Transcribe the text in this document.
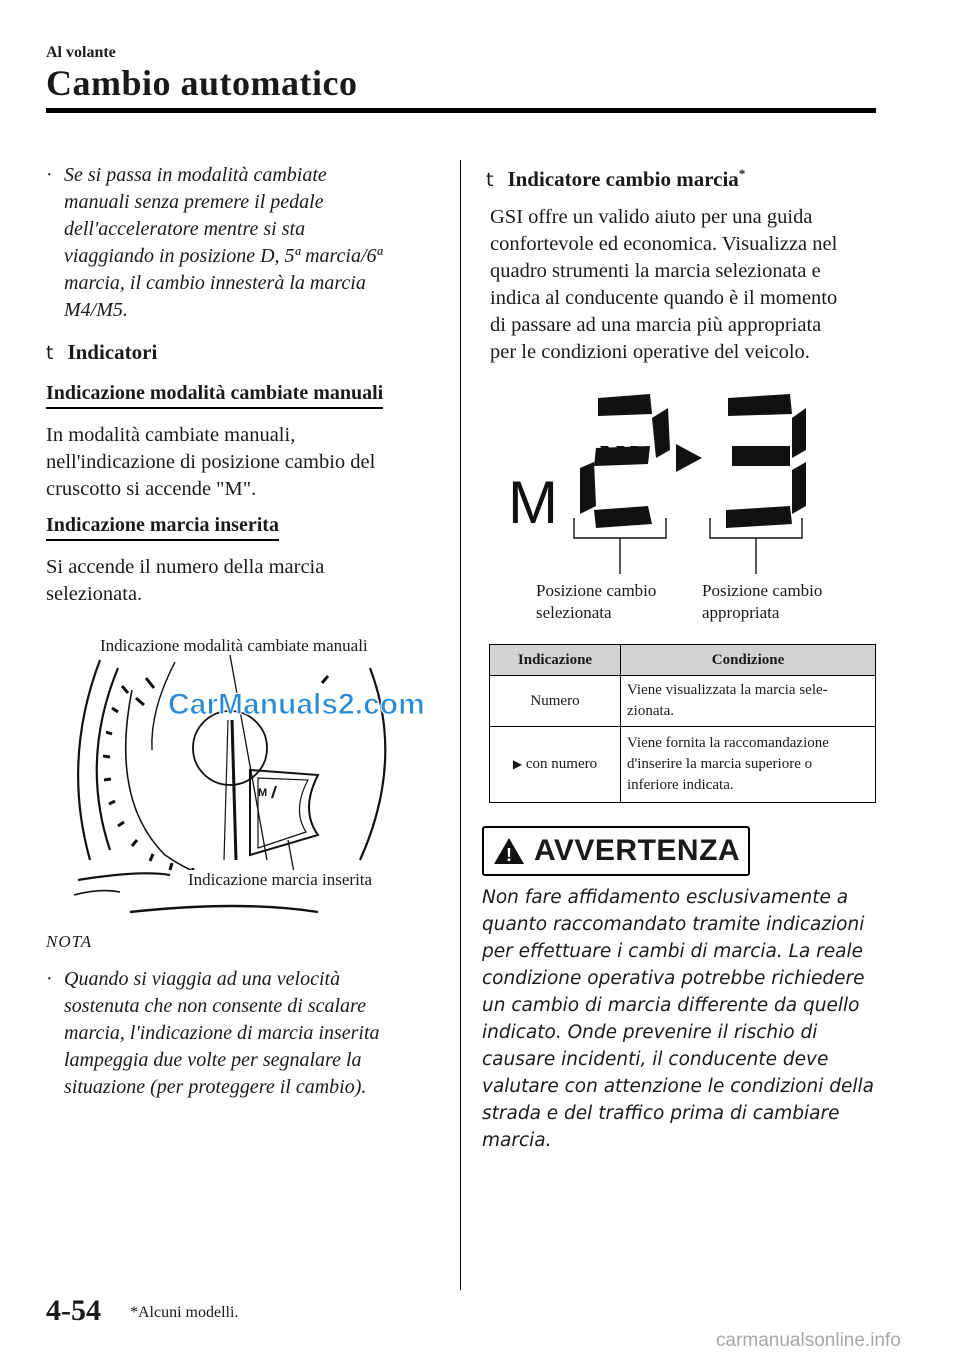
Al volante
Cambio automatico
· Se si passa in modalità cambiate
manuali senza premere il pedale
dell'acceleratore mentre si sta
viaggiando in posizione D, 5ª marcia/6ª
marcia, il cambio innesterà la marcia
M4/M5.
t Indicatori
Indicazione modalità cambiate manuali
In modalità cambiate manuali,
nell'indicazione di posizione cambio del
cruscotto si accende "M".
Indicazione marcia inserita
Si accende il numero della marcia
selezionata.
Indicazione modalità cambiate manuali
M
Indicazione marcia inserita
CarManuals2.com
NOTA
· Quando si viaggia ad una velocità
sostenuta che non consente di scalare
marcia, l'indicazione di marcia inserita
lampeggia due volte per segnalare la
situazione (per proteggere il cambio).
t Indicatore cambio marcia*
GSI offre un valido aiuto per una guida
confortevole ed economica. Visualizza nel
quadro strumenti la marcia selezionata e
indica al conducente quando è il momento
di passare ad una marcia più appropriata
per le condizioni operative del veicolo.
M
Posizione cambio
selezionata
Posizione cambio
appropriata
Indicazione	Condizione
Numero	Viene visualizzata la marcia sele-
zionata.

▶ con numero	Viene fornita la raccomandazione
d'inserire la marcia superiore o
inferiore indicata.
! AVVERTENZA
Non fare affidamento esclusivamente a
quanto raccomandato tramite indicazioni
per effettuare i cambi di marcia. La reale
condizione operativa potrebbe richiedere
un cambio di marcia differente da quello
indicato. Onde prevenire il rischio di
causare incidenti, il conducente deve
valutare con attenzione le condizioni della
strada e del traffico prima di cambiare
marcia.
4-54 *Alcuni modelli.
carmanualsonline.info
